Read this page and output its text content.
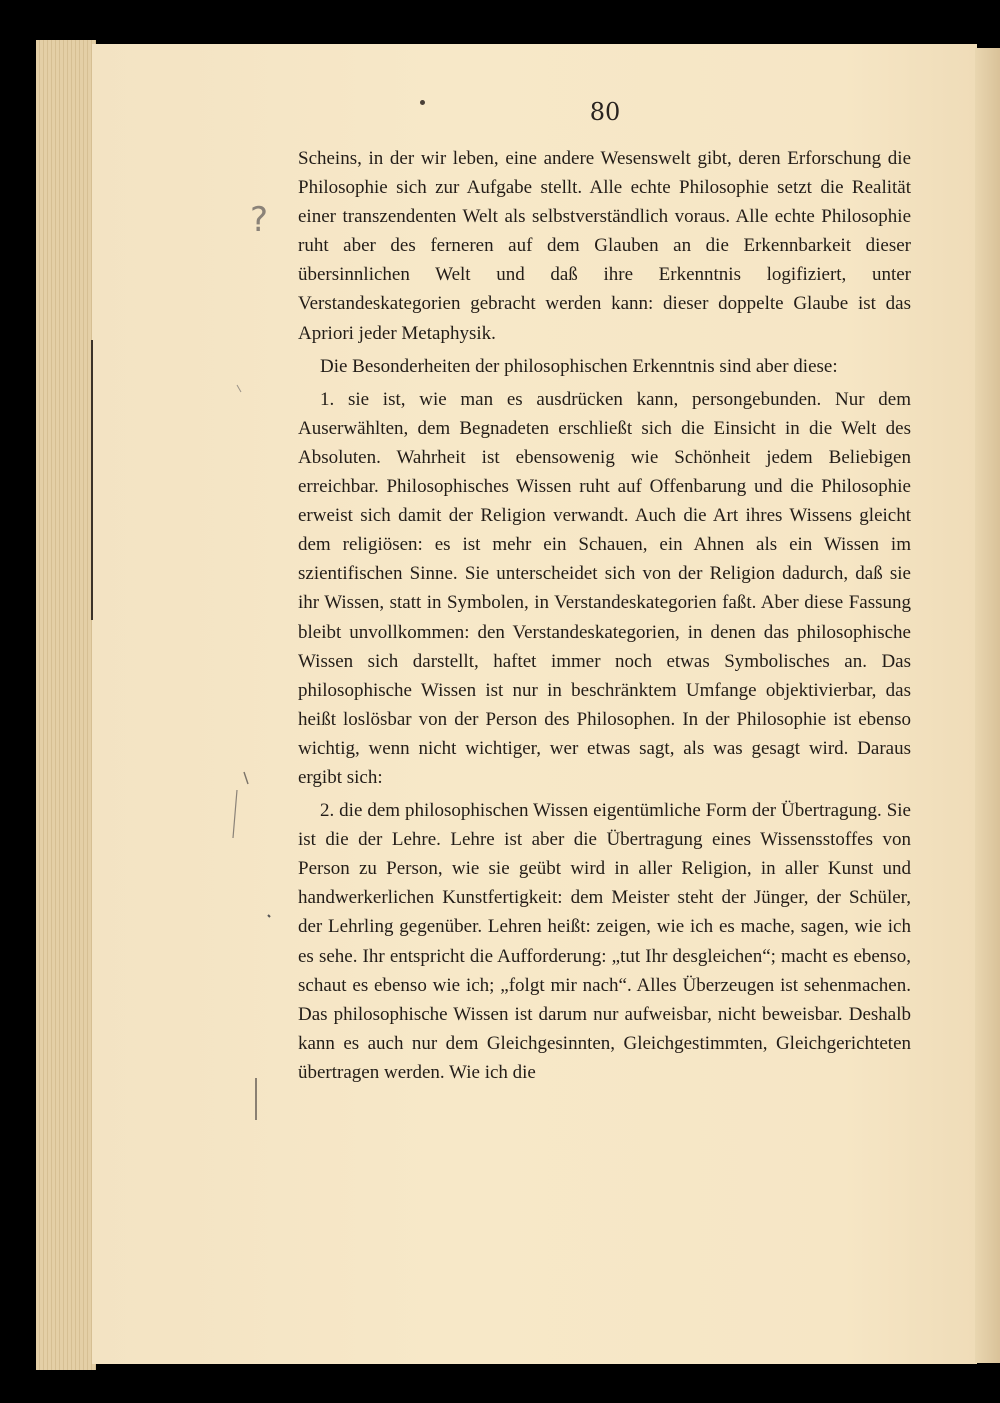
80
?

Scheins, in der wir leben, eine andere Wesenswelt gibt, deren Erforschung die Philosophie sich zur Aufgabe stellt. Alle echte Philosophie setzt die Realität einer transzendenten Welt als selbstverständlich voraus. Alle echte Philosophie ruht aber des ferneren auf dem Glauben an die Erkennbarkeit dieser übersinnlichen Welt und daß ihre Erkenntnis logifiziert, unter Verstandeskategorien gebracht werden kann: dieser doppelte Glaube ist das Apriori jeder Metaphysik.

Die Besonderheiten der philosophischen Erkenntnis sind aber diese:

1. sie ist, wie man es ausdrücken kann, persongebunden. Nur dem Auserwählten, dem Begnadeten erschließt sich die Einsicht in die Welt des Absoluten. Wahrheit ist ebensowenig wie Schönheit jedem Beliebigen erreichbar. Philosophisches Wissen ruht auf Offenbarung und die Philosophie erweist sich damit der Religion verwandt. Auch die Art ihres Wissens gleicht dem religiösen: es ist mehr ein Schauen, ein Ahnen als ein Wissen im szientifischen Sinne. Sie unterscheidet sich von der Religion dadurch, daß sie ihr Wissen, statt in Symbolen, in Verstandeskategorien faßt. Aber diese Fassung bleibt unvollkommen: den Verstandeskategorien, in denen das philosophische Wissen sich darstellt, haftet immer noch etwas Symbolisches an. Das philosophische Wissen ist nur in beschränktem Umfange objektivierbar, das heißt loslösbar von der Person des Philosophen. In der Philosophie ist ebenso wichtig, wenn nicht wichtiger, wer etwas sagt, als was gesagt wird. Daraus ergibt sich:

2. die dem philosophischen Wissen eigentümliche Form der Übertragung. Sie ist die der Lehre. Lehre ist aber die Übertragung eines Wissensstoffes von Person zu Person, wie sie geübt wird in aller Religion, in aller Kunst und handwerkerlichen Kunstfertigkeit: dem Meister steht der Jünger, der Schüler, der Lehrling gegenüber. Lehren heißt: zeigen, wie ich es mache, sagen, wie ich es sehe. Ihr entspricht die Aufforderung: „tut Ihr desgleichen“; macht es ebenso, schaut es ebenso wie ich; „folgt mir nach“. Alles Überzeugen ist sehenmachen. Das philosophische Wissen ist darum nur aufweisbar, nicht beweisbar. Deshalb kann es auch nur dem Gleichgesinnten, Gleichgestimmten, Gleichgerichteten übertragen werden. Wie ich die
